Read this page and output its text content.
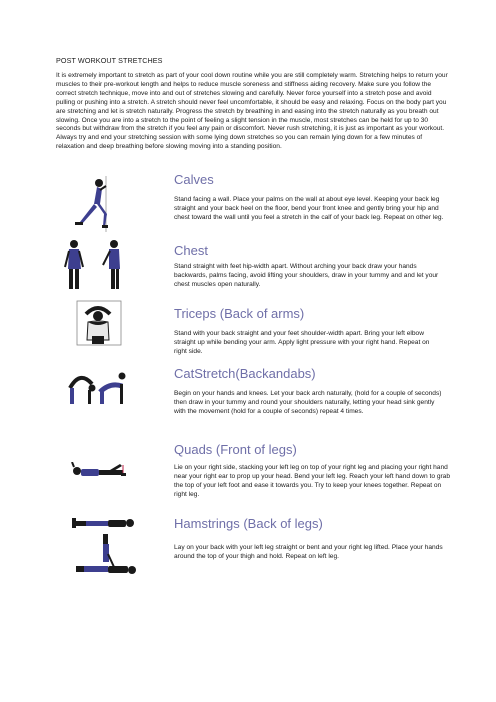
POST WORKOUT STRETCHES
It is extremely important to stretch as part of your cool down routine while you are still completely warm. Stretching helps to return your muscles to their pre-workout length and helps to reduce muscle soreness and stiffness aiding recovery. Make sure you follow the correct stretch technique, move into and out of stretches slowing and carefully. Never force yourself into a stretch pose and avoid pulling or pushing into a stretch. A stretch should never feel uncomfortable, it should be easy and relaxing. Focus on the body part you are stretching and let is stretch naturally. Progress the stretch by breathing in and easing into the stretch naturally as you breath out slowing. Once you are into a stretch to the point of feeling a slight tension in the muscle, most stretches can be held for up to 30 seconds but withdraw from the stretch if you feel any pain or discomfort. Never rush stretching, it is just as important as your workout. Always try and end your stretching session with some lying down stretches so you can remain lying down for a few minutes of relaxation and deep breathing before slowing moving into a standing position.
Calves
Stand facing a wall. Place your palms on the wall at about eye level. Keeping your back leg straight and your back heel on the floor, bend your front knee and gently bring your hip and chest toward the wall until you feel a stretch in the calf of your back leg. Repeat on other leg.
Chest
Stand straight with feet hip-width apart. Without arching your back draw your hands backwards, palms facing, avoid lifting your shoulders, draw in your tummy and and let your chest muscles open naturally.
Triceps (Back of arms)
Stand with your back straight and your feet shoulder-width apart. Bring your left elbow straight up while bending your arm. Apply light pressure with your right hand. Repeat on right side.
CatStretch(Backandabs)
Begin on your hands and knees. Let your back arch naturally, (hold for a couple of seconds) then draw in your tummy and round your shoulders naturally, letting your head sink gently with the movement (hold for a couple of seconds) repeat 4 times.
Quads (Front of legs)
Lie on your right side, stacking your left leg on top of your right leg and placing your right hand near your right ear to prop up your head. Bend your left leg. Reach your left hand down to grab the top of your left foot and ease it towards you. Try to keep your knees together. Repeat on right leg.
Hamstrings (Back of legs)
Lay on your back with your left leg straight or bent and your right leg lifted. Place your hands around the top of your thigh and hold. Repeat on left leg.
